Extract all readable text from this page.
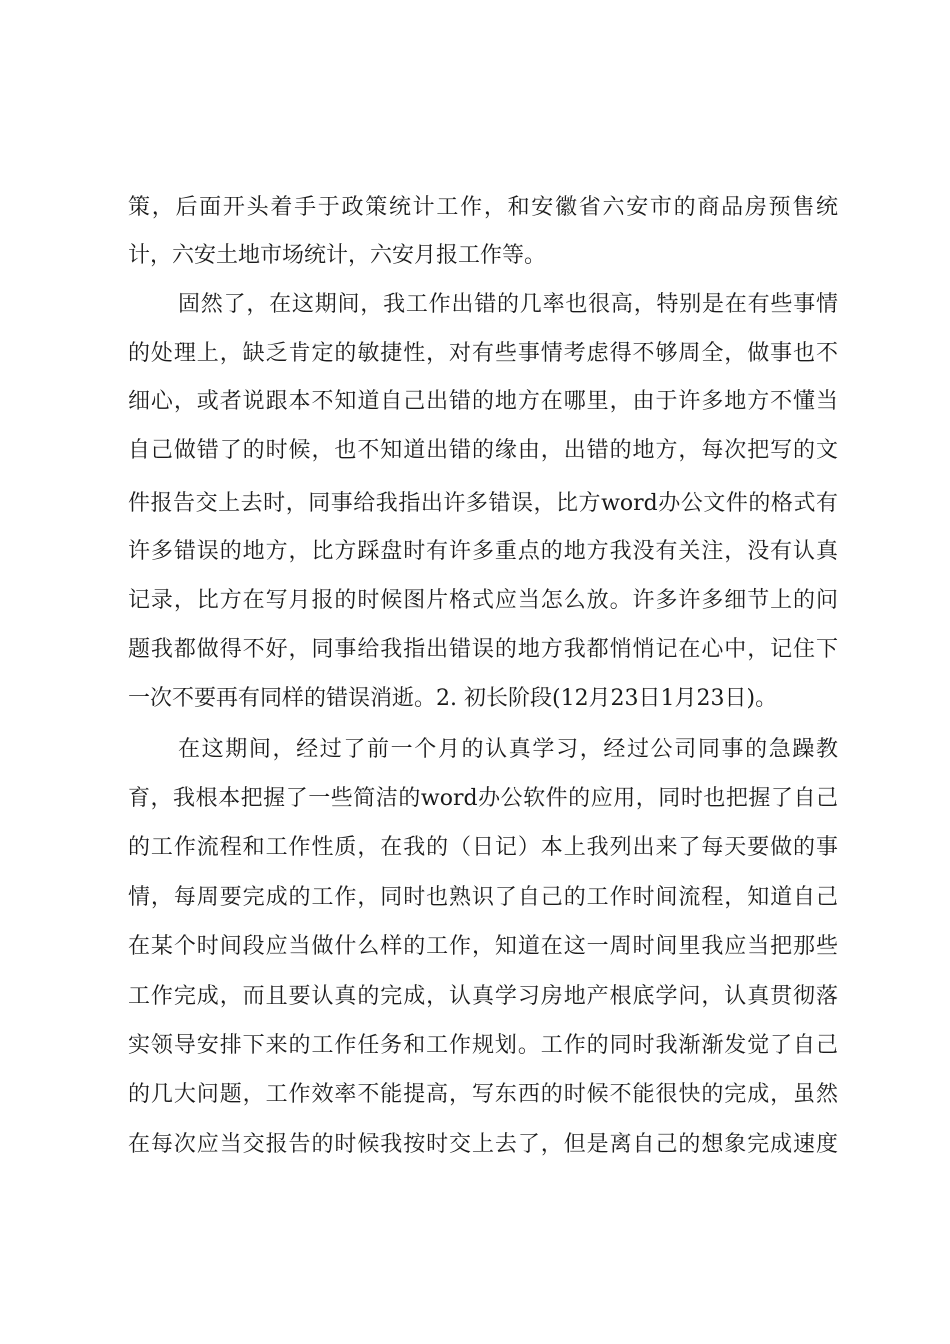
策，后面开头着手于政策统计工作，和安徽省六安市的商品房预售统
计，六安土地市场统计，六安月报工作等。
固然了，在这期间，我工作出错的几率也很高，特别是在有些事情
的处理上，缺乏肯定的敏捷性，对有些事情考虑得不够周全，做事也不
细心，或者说跟本不知道自己出错的地方在哪里，由于许多地方不懂当
自己做错了的时候，也不知道出错的缘由，出错的地方，每次把写的文
件报告交上去时，同事给我指出许多错误，比方word办公文件的格式有
许多错误的地方，比方踩盘时有许多重点的地方我没有关注，没有认真
记录，比方在写月报的时候图片格式应当怎么放。许多许多细节上的问
题我都做得不好，同事给我指出错误的地方我都悄悄记在心中，记住下
一次不要再有同样的错误消逝。2. 初长阶段(12月23日1月23日)。
在这期间，经过了前一个月的认真学习，经过公司同事的急躁教
育，我根本把握了一些简洁的word办公软件的应用，同时也把握了自己
的工作流程和工作性质，在我的（日记）本上我列出来了每天要做的事
情，每周要完成的工作，同时也熟识了自己的工作时间流程，知道自己
在某个时间段应当做什么样的工作，知道在这一周时间里我应当把那些
工作完成，而且要认真的完成，认真学习房地产根底学问，认真贯彻落
实领导安排下来的工作任务和工作规划。工作的同时我渐渐发觉了自己
的几大问题，工作效率不能提高，写东西的时候不能很快的完成，虽然
在每次应当交报告的时候我按时交上去了，但是离自己的想象完成速度
